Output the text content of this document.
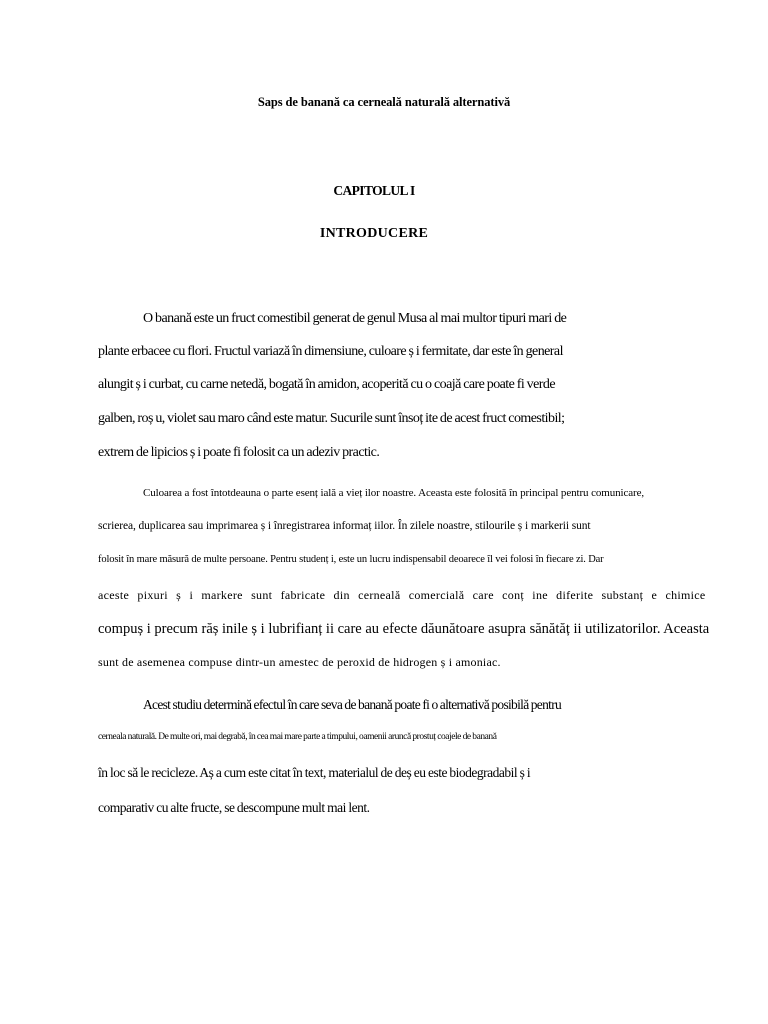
Saps de banană ca cerneală naturală alternativă
CAPITOLUL I
INTRODUCERE
O banană este un fruct comestibil generat de genul Musa al mai multor tipuri mari de
plante erbacee cu flori. Fructul variază în dimensiune, culoare ș i fermitate, dar este în general
alungit ș i curbat, cu carne netedă, bogată în amidon, acoperită cu o coajă care poate fi verde
galben, roș u, violet sau maro când este matur. Sucurile sunt însoț ite de acest fruct comestibil;
extrem de lipicios ș i poate fi folosit ca un adeziv practic.
Culoarea a fost întotdeauna o parte esenț ială a vieț ilor noastre. Aceasta este folosită în principal pentru comunicare,
scrierea, duplicarea sau imprimarea ș i înregistrarea informaț iilor. În zilele noastre, stilourile ș i markerii sunt
folosit în mare măsură de multe persoane. Pentru studenț i, este un lucru indispensabil deoarece îl vei folosi în fiecare zi. Dar
aceste pixuri ș i markere sunt fabricate din cerneală comercială care conț ine diferite substanț e chimice
compuș i precum răș inile ș i lubrifianț ii care au efecte dăunătoare asupra sănătăț ii utilizatorilor. Aceasta
sunt de asemenea compuse dintr-un amestec de peroxid de hidrogen ș i amoniac.
Acest studiu determină efectul în care seva de banană poate fi o alternativă posibilă pentru
cerneala naturală. De multe ori, mai degrabă, în cea mai mare parte a timpului, oamenii aruncă prostuț coajele de banană
în loc să le recicleze. Aș a cum este citat în text, materialul de deș eu este biodegradabil ș i
comparativ cu alte fructe, se descompune mult mai lent.
